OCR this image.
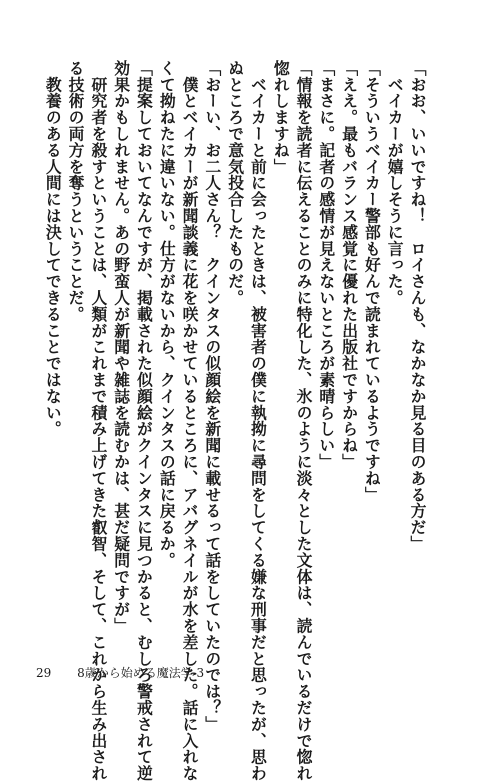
「おお、いいですね！　ロイさんも、なかなか見る目のある方だ」
　ベイカーが嬉しそうに言った。
「そういうベイカー警部も好んで読まれているようですね」
「ええ。最もバランス感覚に優れた出版社ですからね」
「まさに。記者の感情が見えないところが素晴らしい」
「情報を読者に伝えることのみに特化した、氷のように淡々とした文体は、読んでいるだけで惚れ
惚れしますね」
　ベイカーと前に会ったときは、被害者の僕に執拗に尋問をしてくる嫌な刑事だと思ったが、思わ
ぬところで意気投合したものだ。
「おーい、お二人さん？　クインタスの似顔絵を新聞に載せるって話をしていたのでは？」
　僕とベイカーが新聞談義に花を咲かせているところに、アバグネイルが水を差した。話に入れな
くて拗ねたに違いない。仕方がないから、クインタスの話に戻るか。
「提案しておいてなんですが、掲載された似顔絵がクインタスに見つかると、むしろ警戒されて逆
効果かもしれません。あの野蛮人が新聞や雑誌を読むかは、甚だ疑問ですが」
　研究者を殺すということは、人類がこれまで積み上げてきた叡智、そして、これから生み出され
る技術の両方を奪うということだ。
　教養のある人間には決してできることではない。
29 8歳から始める魔法学 3
